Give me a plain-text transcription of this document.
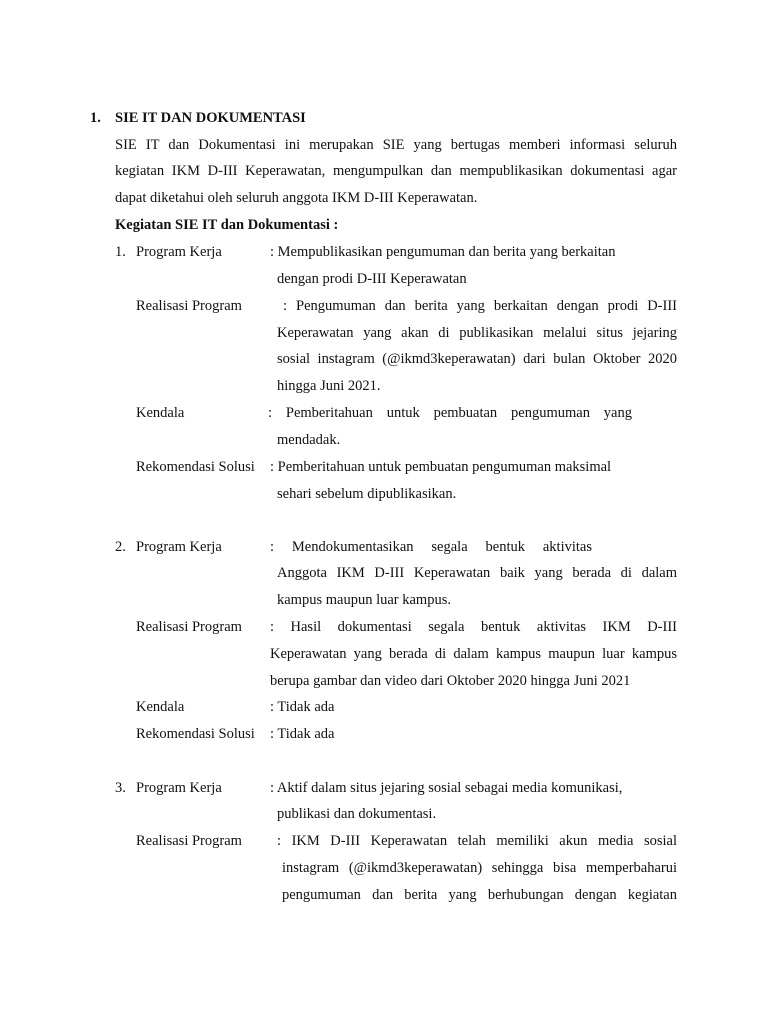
1. SIE IT DAN DOKUMENTASI
SIE IT dan Dokumentasi ini merupakan SIE yang bertugas memberi informasi seluruh
kegiatan IKM D-III Keperawatan, mengumpulkan dan mempublikasikan dokumentasi agar
dapat diketahui oleh seluruh anggota IKM D-III Keperawatan.
Kegiatan SIE IT dan Dokumentasi :
1. Program Kerja	: Mempublikasikan pengumuman dan berita yang berkaitan
dengan prodi D-III Keperawatan
Realisasi Program	: Pengumuman dan berita yang berkaitan dengan prodi D-III
Keperawatan yang akan di publikasikan melalui situs jejaring
sosial instagram (@ikmd3keperawatan) dari bulan Oktober 2020
hingga Juni 2021.
Kendala	: Pemberitahuan untuk pembuatan pengumuman yang
mendadak.
Rekomendasi Solusi : Pemberitahuan untuk pembuatan pengumuman maksimal
sehari sebelum dipublikasikan.
2. Program Kerja	: Mendokumentasikan segala bentuk aktivitas
Anggota IKM D-III Keperawatan baik yang berada di dalam
kampus maupun luar kampus.
Realisasi Program : Hasil dokumentasi segala bentuk aktivitas IKM D-III
Keperawatan yang berada di dalam kampus maupun luar kampus
berupa gambar dan video dari Oktober 2020 hingga Juni 2021
Kendala	: Tidak ada
Rekomendasi Solusi : Tidak ada
3. Program Kerja	: Aktif dalam situs jejaring sosial sebagai media komunikasi,
publikasi dan dokumentasi.
Realisasi Program : IKM D-III Keperawatan telah memiliki akun media sosial
instagram (@ikmd3keperawatan) sehingga bisa memperbaharui
pengumuman dan berita yang berhubungan dengan kegiatan
